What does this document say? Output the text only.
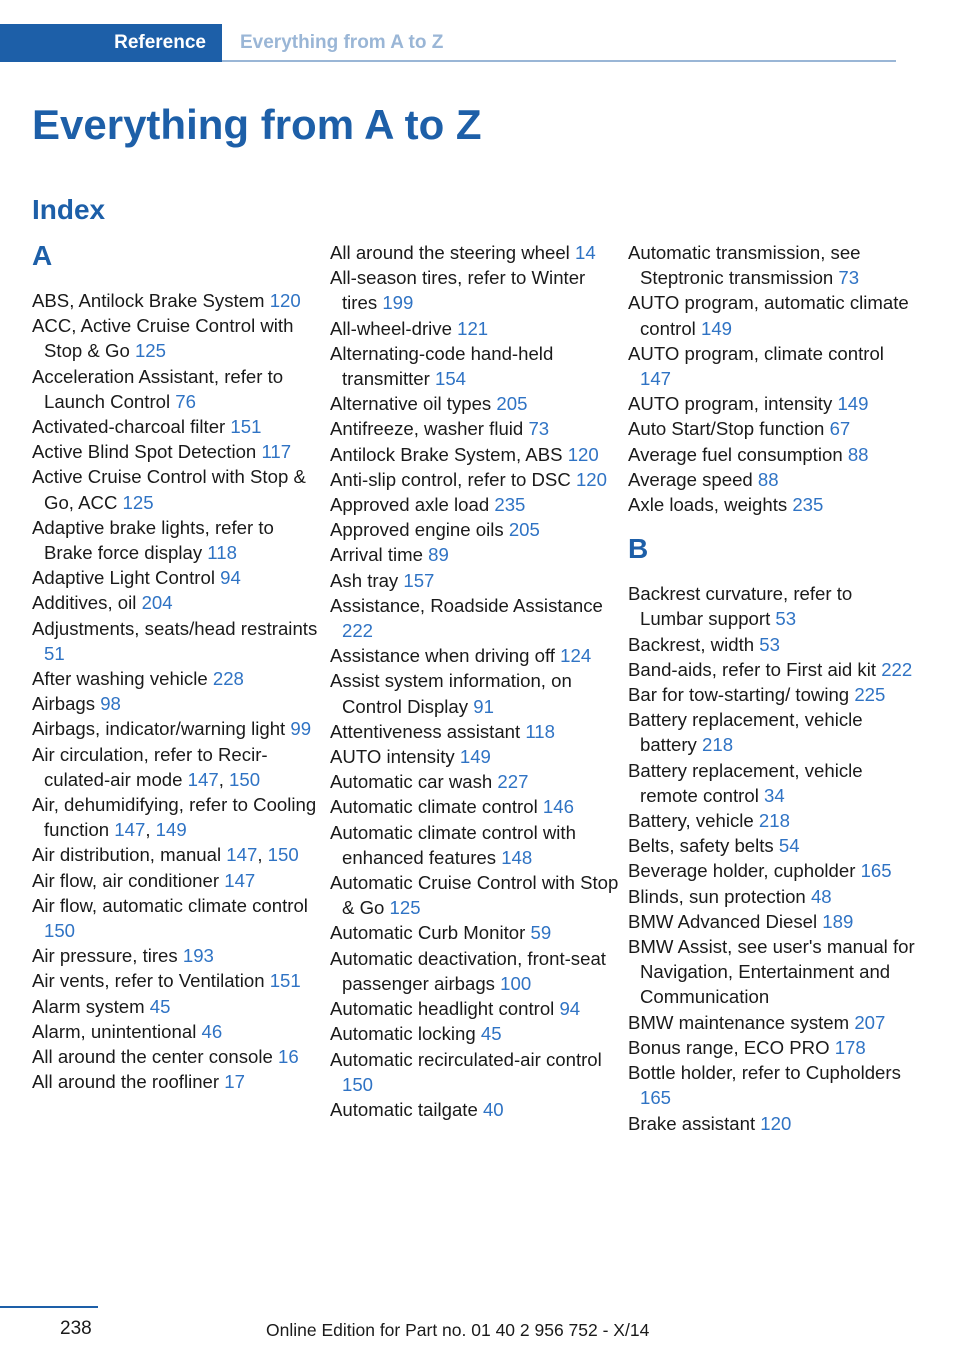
Reference Everything from A to Z
Everything from A to Z
Index
A
ABS, Antilock Brake System 120
ACC, Active Cruise Control with Stop & Go 125
Acceleration Assistant, refer to Launch Control 76
Activated-charcoal filter 151
Active Blind Spot Detection 117
Active Cruise Control with Stop & Go, ACC 125
Adaptive brake lights, refer to Brake force display 118
Adaptive Light Control 94
Additives, oil 204
Adjustments, seats/head restraints 51
After washing vehicle 228
Airbags 98
Airbags, indicator/warning light 99
Air circulation, refer to Recirculated-air mode 147, 150
Air, dehumidifying, refer to Cooling function 147, 149
Air distribution, manual 147, 150
Air flow, air conditioner 147
Air flow, automatic climate control 150
Air pressure, tires 193
Air vents, refer to Ventilation 151
Alarm system 45
Alarm, unintentional 46
All around the center console 16
All around the roofliner 17
All around the steering wheel 14
All-season tires, refer to Winter tires 199
All-wheel-drive 121
Alternating-code hand-held transmitter 154
Alternative oil types 205
Antifreeze, washer fluid 73
Antilock Brake System, ABS 120
Anti-slip control, refer to DSC 120
Approved axle load 235
Approved engine oils 205
Arrival time 89
Ash tray 157
Assistance, Roadside Assistance 222
Assistance when driving off 124
Assist system information, on Control Display 91
Attentiveness assistant 118
AUTO intensity 149
Automatic car wash 227
Automatic climate control 146
Automatic climate control with enhanced features 148
Automatic Cruise Control with Stop & Go 125
Automatic Curb Monitor 59
Automatic deactivation, front-seat passenger airbags 100
Automatic headlight control 94
Automatic locking 45
Automatic recirculated-air control 150
Automatic tailgate 40
Automatic transmission, see Steptronic transmission 73
AUTO program, automatic climate control 149
AUTO program, climate control 147
AUTO program, intensity 149
Auto Start/Stop function 67
Average fuel consumption 88
Average speed 88
Axle loads, weights 235
B
Backrest curvature, refer to Lumbar support 53
Backrest, width 53
Band-aids, refer to First aid kit 222
Bar for tow-starting/ towing 225
Battery replacement, vehicle battery 218
Battery replacement, vehicle remote control 34
Battery, vehicle 218
Belts, safety belts 54
Beverage holder, cupholder 165
Blinds, sun protection 48
BMW Advanced Diesel 189
BMW Assist, see user's manual for Navigation, Entertainment and Communication
BMW maintenance system 207
Bonus range, ECO PRO 178
Bottle holder, refer to Cupholders 165
Brake assistant 120
238	Online Edition for Part no. 01 40 2 956 752 - X/14
